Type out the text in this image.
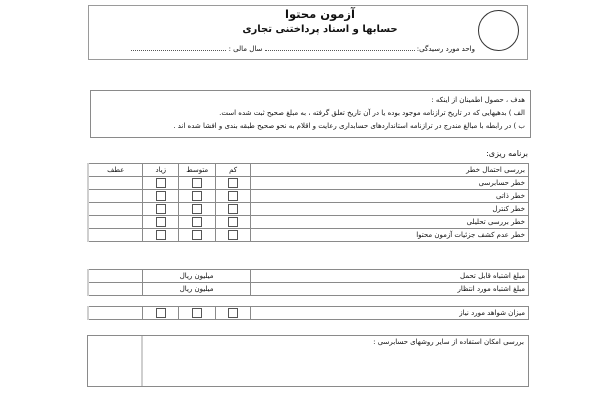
آزمون محتوا
حسابها و اسناد پرداختنی تجاری
واحد مورد رسیدگی:  سال مالی :
هدف ، حصول اطمینان از اینکه :
الف ) بدهیهایی که در تاریخ ترازنامه موجود بوده یا در آن تاریخ تعلق گرفته ، به مبلغ صحیح ثبت شده است.
ب ) در رابطه با مبالغ مندرج در ترازنامه استانداردهای حسابداری رعایت و اقلام به نحو صحیح طبقه بندی و افشا شده اند .
برنامه ریزی:
بررسی احتمال خطر	کم	متوسط	زیاد	عطف
خطر حسابرسی				
خطر ذاتی				
خطر کنترل				
خطر بررسی تحلیلی				
خطر عدم کشف جزئیات آزمون محتوا				
مبلغ اشتباه قابل تحمل	میلیون ریال	
مبلغ اشتباه مورد انتظار	میلیون ریال	
میزان شواهد مورد نیاز				
بررسی امکان استفاده از سایر روشهای حسابرسی :
